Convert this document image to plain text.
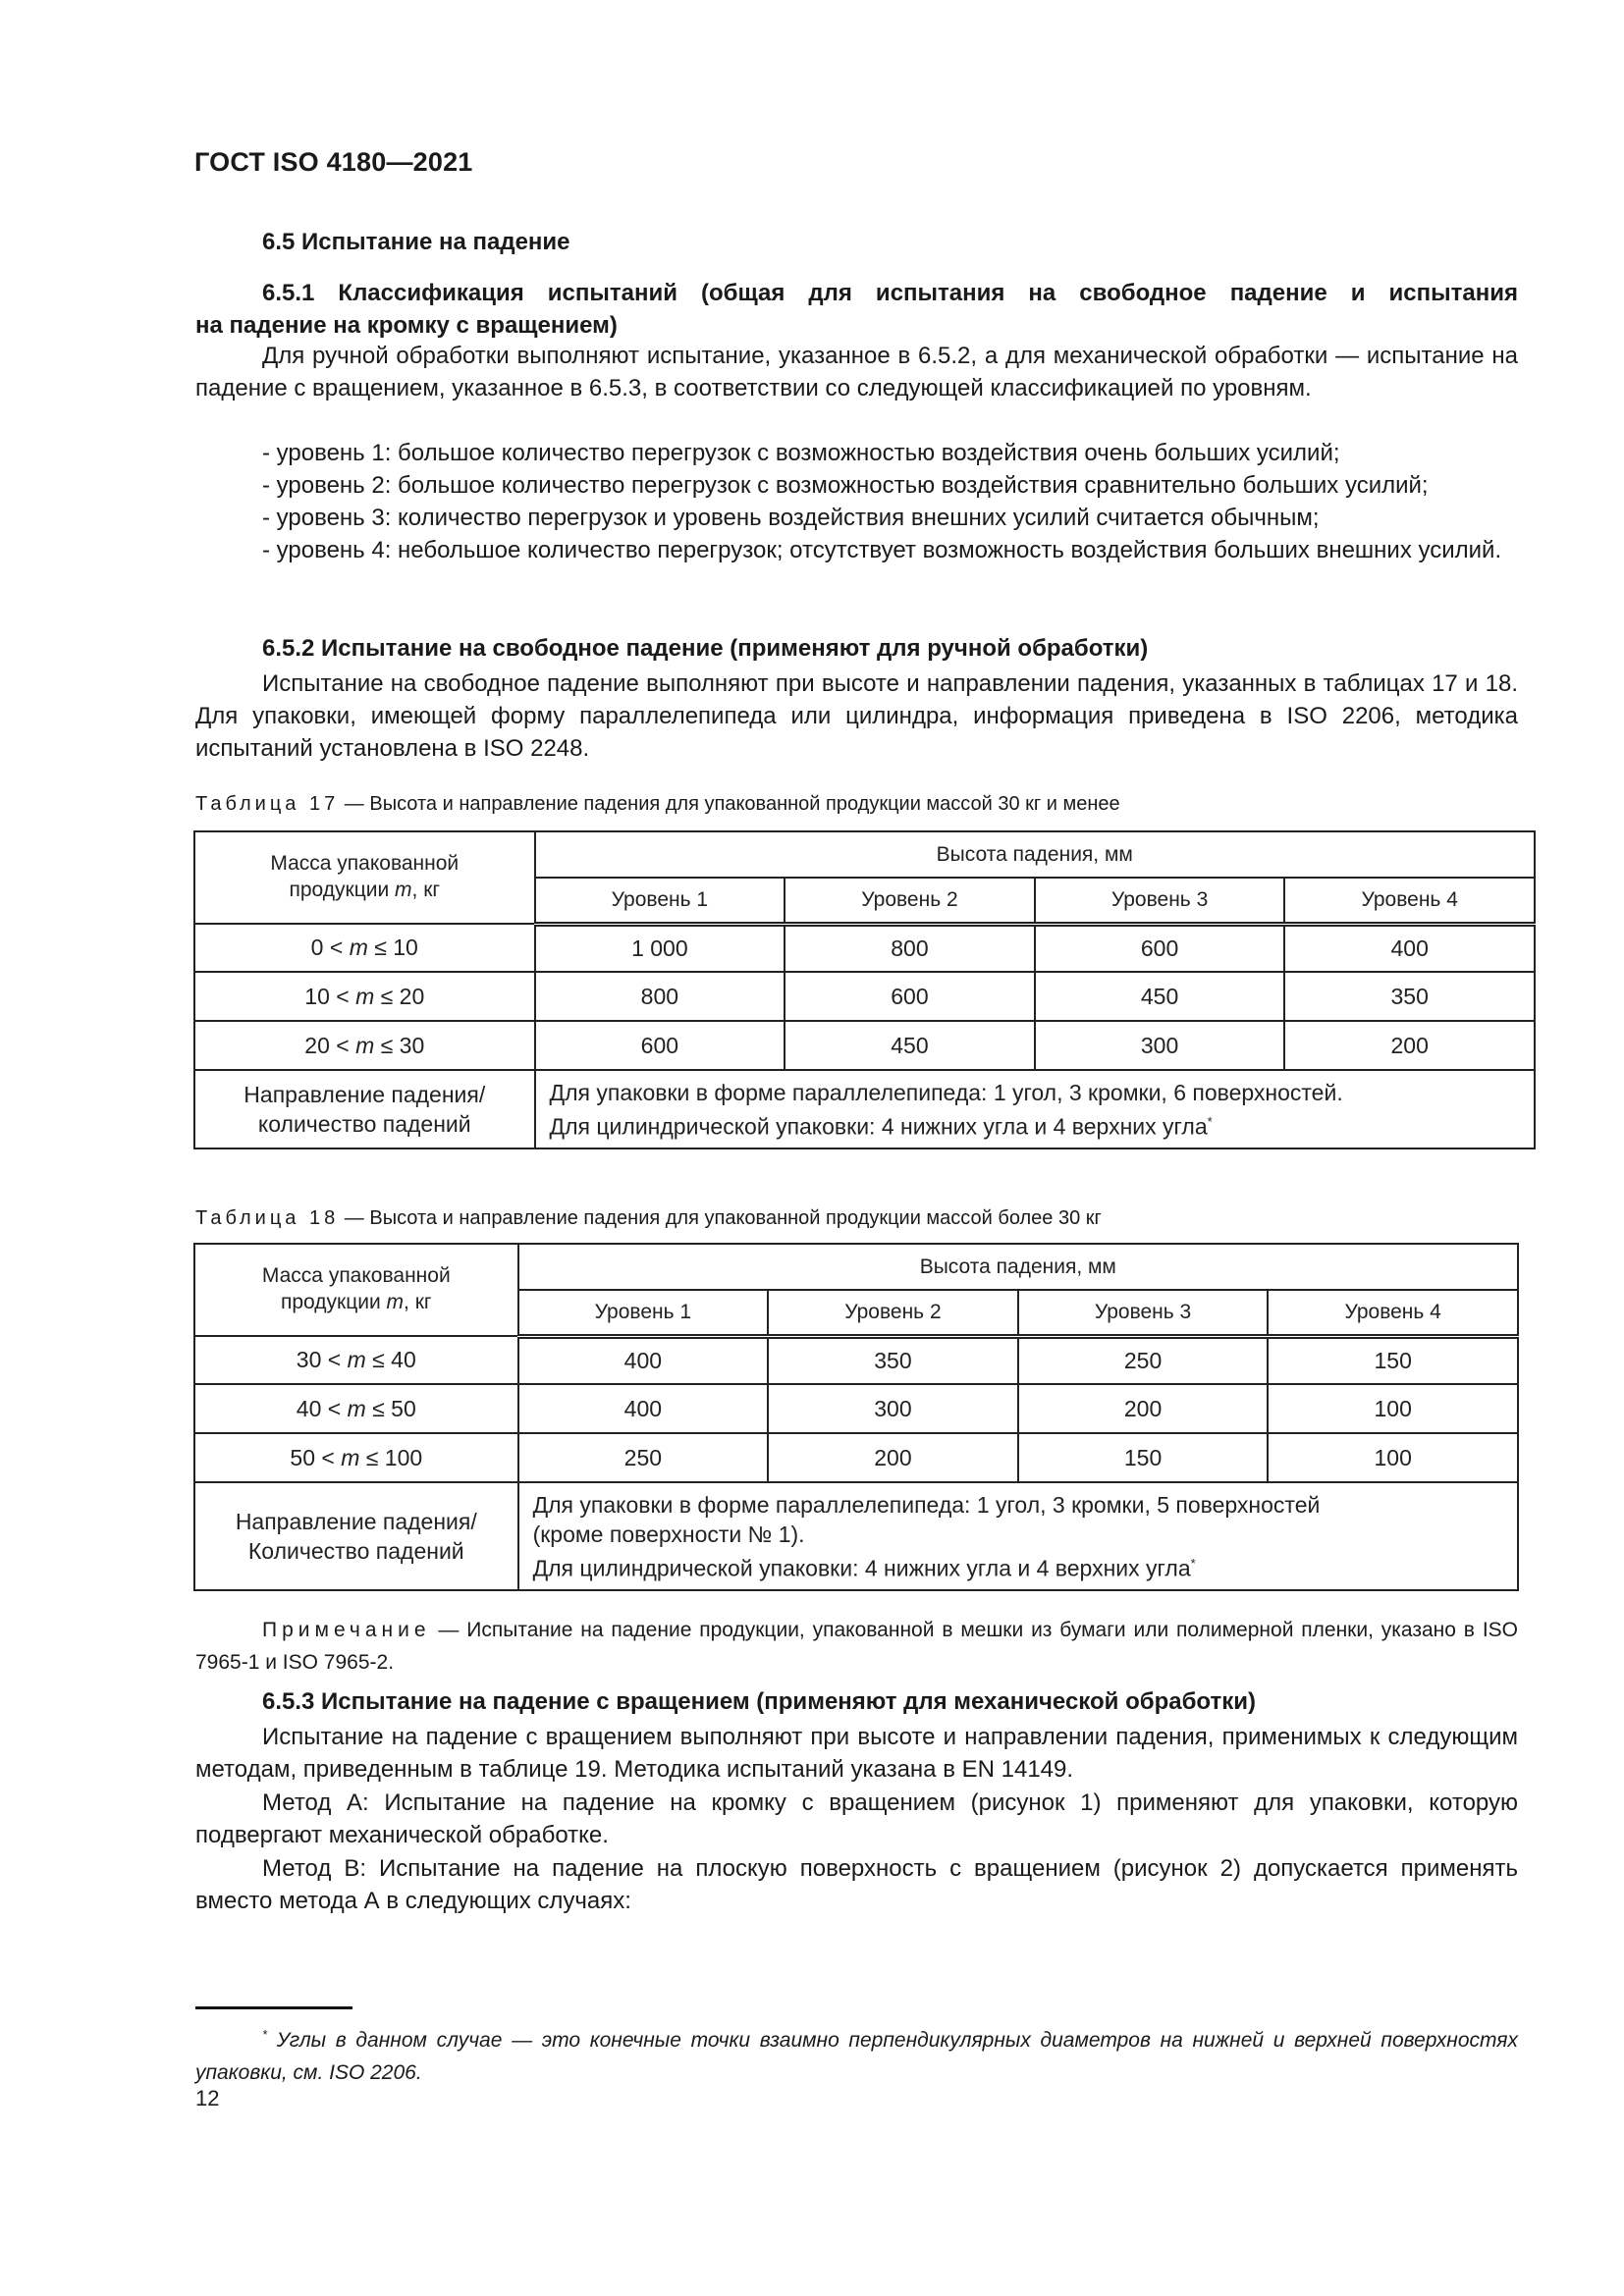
ГОСТ ISO 4180—2021
6.5 Испытание на падение
6.5.1 Классификация испытаний (общая для испытания на свободное падение и испытания
на падение на кромку с вращением)
Для ручной обработки выполняют испытание, указанное в 6.5.2, а для механической обработки — испытание на падение с вращением, указанное в 6.5.3, в соответствии со следующей классификацией по уровням.
- уровень 1: большое количество перегрузок с возможностью воздействия очень больших усилий;
- уровень 2: большое количество перегрузок с возможностью воздействия сравнительно больших усилий;
- уровень 3: количество перегрузок и уровень воздействия внешних усилий считается обычным;
- уровень 4: небольшое количество перегрузок; отсутствует возможность воздействия больших внешних усилий.
6.5.2 Испытание на свободное падение (применяют для ручной обработки)
Испытание на свободное падение выполняют при высоте и направлении падения, указанных в таблицах 17 и 18. Для упаковки, имеющей форму параллелепипеда или цилиндра, информация приведена в ISO 2206, методика испытаний установлена в ISO 2248.
Таблица 17 — Высота и направление падения для упакованной продукции массой 30 кг и менее
Масса упакованной
продукции m, кг	Высота падения, мм			
	Уровень 1	Уровень 2	Уровень 3	Уровень 4
0 < m ≤ 10	1 000	800	600	400
10 < m ≤ 20	800	600	450	350
20 < m ≤ 30	600	450	300	200

Направление падения/
количество падений

Для упаковки в форме параллелепипеда: 1 угол, 3 кромки, 6 поверхностей.
Для цилиндрической упаковки: 4 нижних угла и 4 верхних угла*
Таблица 18 — Высота и направление падения для упакованной продукции массой более 30 кг
Масса упакованной
продукции m, кг	Высота падения, мм			
	Уровень 1	Уровень 2	Уровень 3	Уровень 4
30 < m ≤ 40	400	350	250	150
40 < m ≤ 50	400	300	200	100
50 < m ≤ 100	250	200	150	100

Направление падения/
Количество падений

Для упаковки в форме параллелепипеда: 1 угол, 3 кромки, 5 поверхностей
(кроме поверхности № 1).
Для цилиндрической упаковки: 4 нижних угла и 4 верхних угла*
Примечание — Испытание на падение продукции, упакованной в мешки из бумаги или полимерной пленки, указано в ISO 7965-1 и ISO 7965-2.
6.5.3 Испытание на падение с вращением (применяют для механической обработки)
Испытание на падение с вращением выполняют при высоте и направлении падения, применимых к следующим методам, приведенным в таблице 19. Методика испытаний указана в EN 14149.
Метод А: Испытание на падение на кромку с вращением (рисунок 1) применяют для упаковки, которую подвергают механической обработке.
Метод В: Испытание на падение на плоскую поверхность с вращением (рисунок 2) допускается применять вместо метода А в следующих случаях:
* Углы в данном случае — это конечные точки взаимно перпендикулярных диаметров на нижней и верхней поверхностях упаковки, см. ISO 2206.
12
